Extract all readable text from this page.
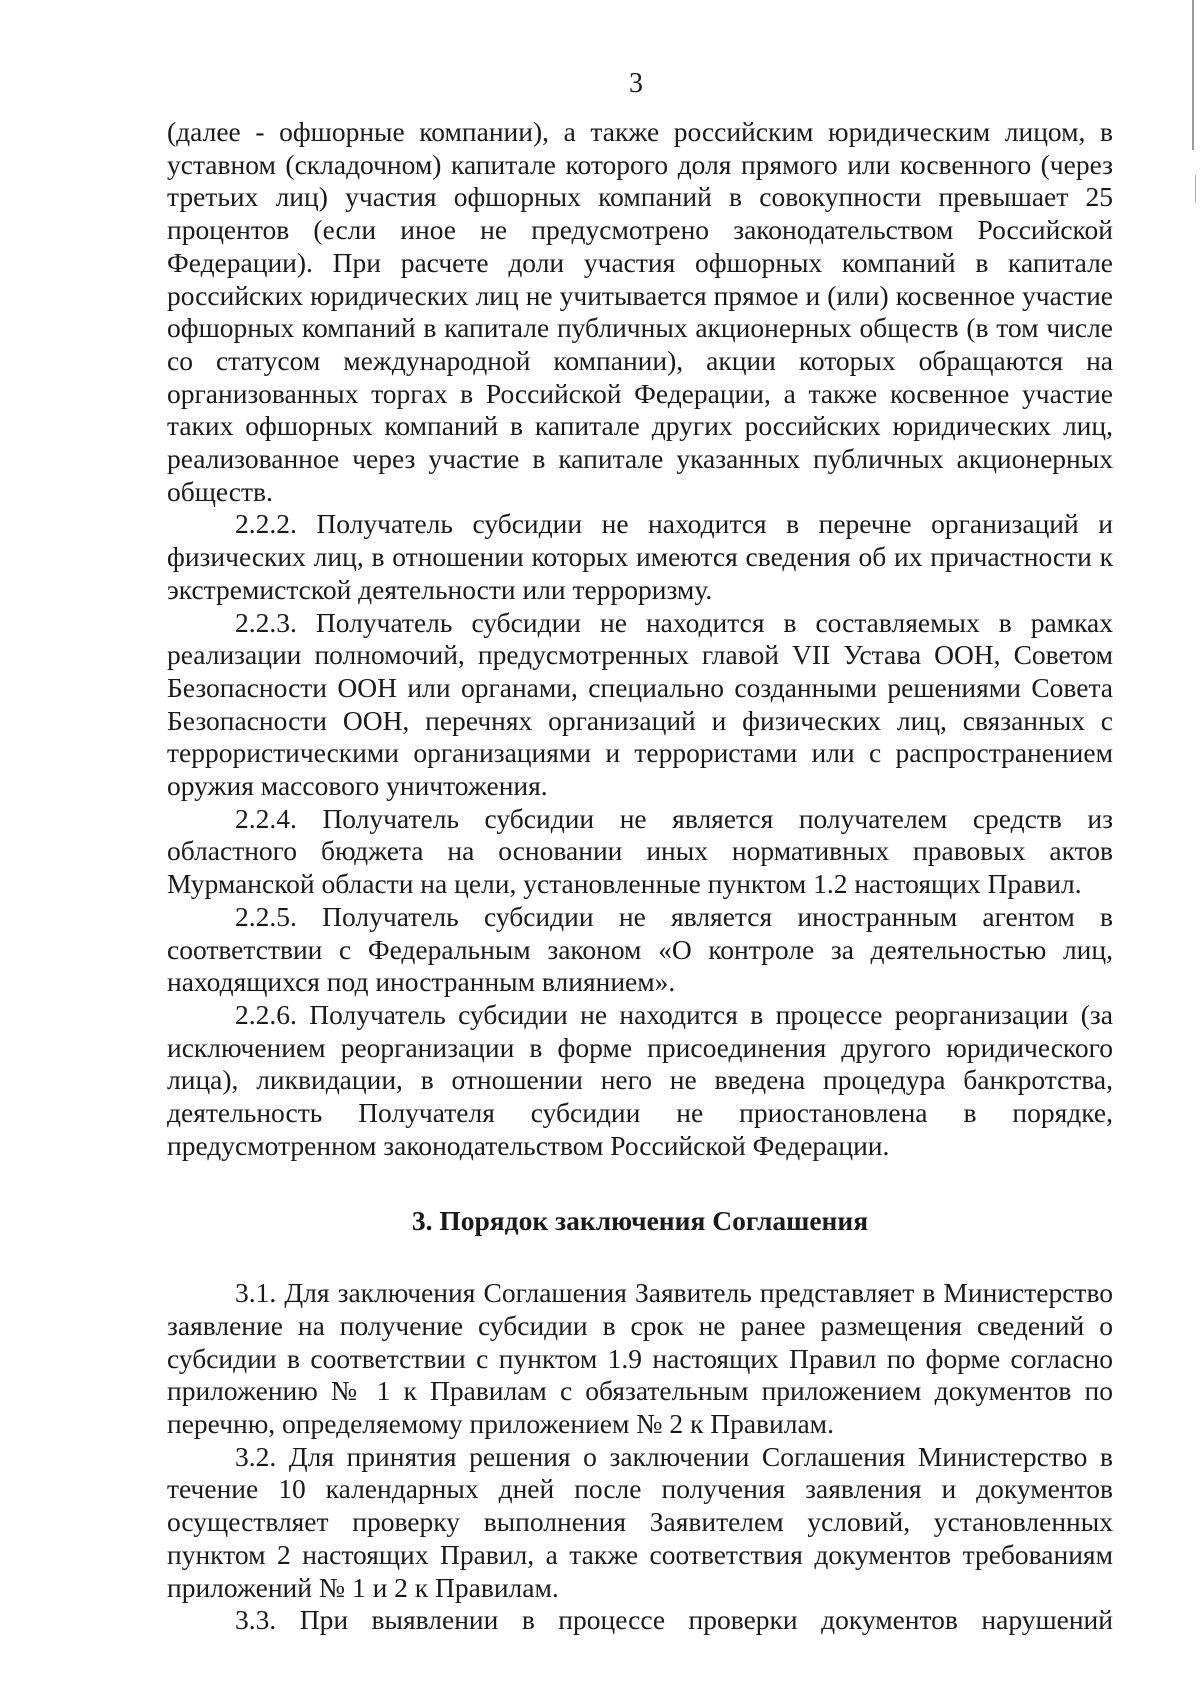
3

(далее - офшорные компании), а также российским юридическим лицом, в уставном (складочном) капитале которого доля прямого или косвенного (через третьих лиц) участия офшорных компаний в совокупности превышает 25 процентов (если иное не предусмотрено законодательством Российской Федерации). При расчете доли участия офшорных компаний в капитале российских юридических лиц не учитывается прямое и (или) косвенное участие офшорных компаний в капитале публичных акционерных обществ (в том числе со статусом международной компании), акции которых обращаются на организованных торгах в Российской Федерации, а также косвенное участие таких офшорных компаний в капитале других российских юридических лиц, реализованное через участие в капитале указанных публичных акционерных обществ.

2.2.2. Получатель субсидии не находится в перечне организаций и физических лиц, в отношении которых имеются сведения об их причастности к экстремистской деятельности или терроризму.

2.2.3. Получатель субсидии не находится в составляемых в рамках реализации полномочий, предусмотренных главой VII Устава ООН, Советом Безопасности ООН или органами, специально созданными решениями Совета Безопасности ООН, перечнях организаций и физических лиц, связанных с террористическими организациями и террористами или с распространением оружия массового уничтожения.

2.2.4. Получатель субсидии не является получателем средств из областного бюджета на основании иных нормативных правовых актов Мурманской области на цели, установленные пунктом 1.2 настоящих Правил.

2.2.5. Получатель субсидии не является иностранным агентом в соответствии с Федеральным законом «О контроле за деятельностью лиц, находящихся под иностранным влиянием».

2.2.6. Получатель субсидии не находится в процессе реорганизации (за исключением реорганизации в форме присоединения другого юридического лица), ликвидации, в отношении него не введена процедура банкротства, деятельность Получателя субсидии не приостановлена в порядке, предусмотренном законодательством Российской Федерации.

3. Порядок заключения Соглашения

3.1. Для заключения Соглашения Заявитель представляет в Министерство заявление на получение субсидии в срок не ранее размещения сведений о субсидии в соответствии с пунктом 1.9 настоящих Правил по форме согласно приложению № 1 к Правилам с обязательным приложением документов по перечню, определяемому приложением № 2 к Правилам.

3.2. Для принятия решения о заключении Соглашения Министерство в течение 10 календарных дней после получения заявления и документов осуществляет проверку выполнения Заявителем условий, установленных пунктом 2 настоящих Правил, а также соответствия документов требованиям приложений № 1 и 2 к Правилам.

3.3. При выявлении в процессе проверки документов нарушений
